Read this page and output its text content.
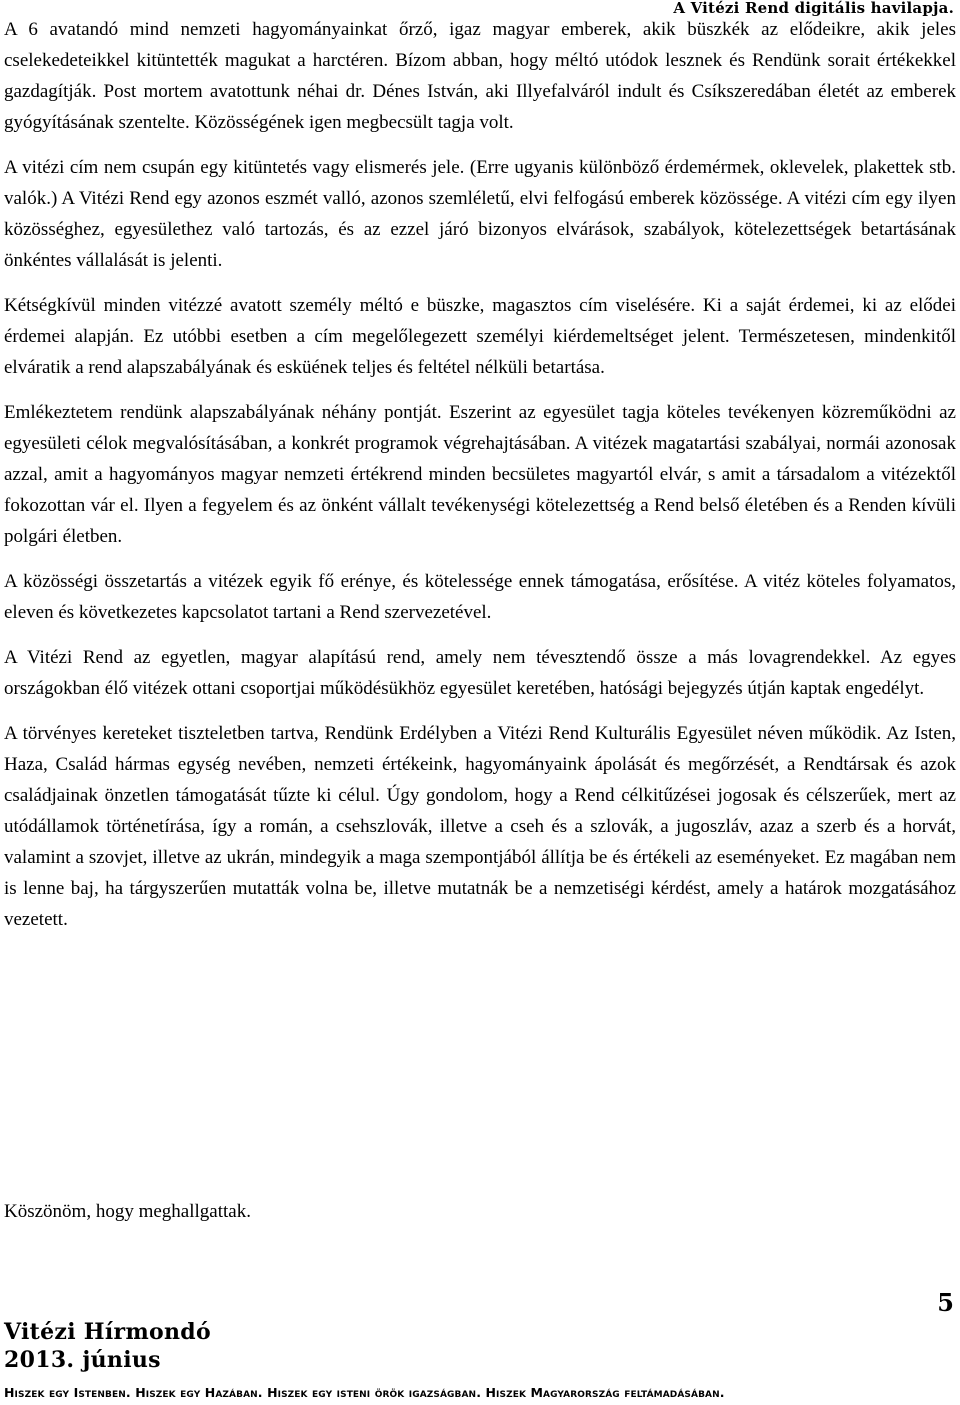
A Vitézi Rend digitális havilapja.

A 6 avatandó mind nemzeti hagyományainkat őrző, igaz magyar emberek, akik büszkék az elődeikre, akik jeles cselekedeteikkel kitüntették magukat a harctéren. Bízom abban, hogy méltó utódok lesznek és Rendünk sorait értékekkel gazdagítják. Post mortem avatottunk néhai dr. Dénes István, aki Illyefalváról indult és Csíkszeredában életét az emberek gyógyításának szentelte. Közösségének igen megbecsült tagja volt.

A vitézi cím nem csupán egy kitüntetés vagy elismerés jele. (Erre ugyanis különböző érdemérmek, oklevelek, plakettek stb. valók.) A Vitézi Rend egy azonos eszmét valló, azonos szemléletű, elvi felfogású emberek közössége. A vitézi cím egy ilyen közösséghez, egyesülethez való tartozás, és az ezzel járó bizonyos elvárások, szabályok, kötelezettségek betartásának önkéntes vállalását is jelenti.

Kétségkívül minden vitézzé avatott személy méltó e büszke, magasztos cím viselésére. Ki a saját érdemei, ki az elődei érdemei alapján. Ez utóbbi esetben a cím megelőlegezett személyi kiérdemeltséget jelent. Természetesen, mindenkitől elváratik a rend alapszabályának és esküének teljes és feltétel nélküli betartása.

Emlékeztetem rendünk alapszabályának néhány pontját. Eszerint az egyesület tagja köteles tevékenyen közreműködni az egyesületi célok megvalósításában, a konkrét programok végrehajtásában. A vitézek magatartási szabályai, normái azonosak azzal, amit a hagyományos magyar nemzeti értékrend minden becsületes magyartól elvár, s amit a társadalom a vitézektől fokozottan vár el. Ilyen a fegyelem és az önként vállalt tevékenységi kötelezettség a Rend belső életében és a Renden kívüli polgári életben.

A közösségi összetartás a vitézek egyik fő erénye, és kötelessége ennek támogatása, erősítése. A vitéz köteles folyamatos, eleven és következetes kapcsolatot tartani a Rend szervezetével.

A Vitézi Rend az egyetlen, magyar alapítású rend, amely nem tévesztendő össze a más lovagrendekkel. Az egyes országokban élő vitézek ottani csoportjai működésükhöz egyesület keretében, hatósági bejegyzés útján kaptak engedélyt.

A törvényes kereteket tiszteletben tartva, Rendünk Erdélyben a Vitézi Rend Kulturális Egyesület néven működik. Az Isten, Haza, Család hármas egység nevében, nemzeti értékeink, hagyományaink ápolását és megőrzését, a Rendtársak és azok családjainak önzetlen támogatását tűzte ki célul. Úgy gondolom, hogy a Rend célkitűzései jogosak és célszerűek, mert az utódállamok történetírása, így a román, a csehszlovák, illetve a cseh és a szlovák, a jugoszláv, azaz a szerb és a horvát, valamint a szovjet, illetve az ukrán, mindegyik a maga szempontjából állítja be és értékeli az eseményeket. Ez magában nem is lenne baj, ha tárgyszerűen mutatták volna be, illetve mutatnák be a nemzetiségi kérdést, amely a határok mozgatásához vezetett.

Köszönöm, hogy meghallgattak.
5
Vitézi Hírmondó
2013. június
Hiszek egy Istenben. Hiszek egy Hazában. Hiszek egy isteni örök igazságban. Hiszek Magyarország feltámadásában.
